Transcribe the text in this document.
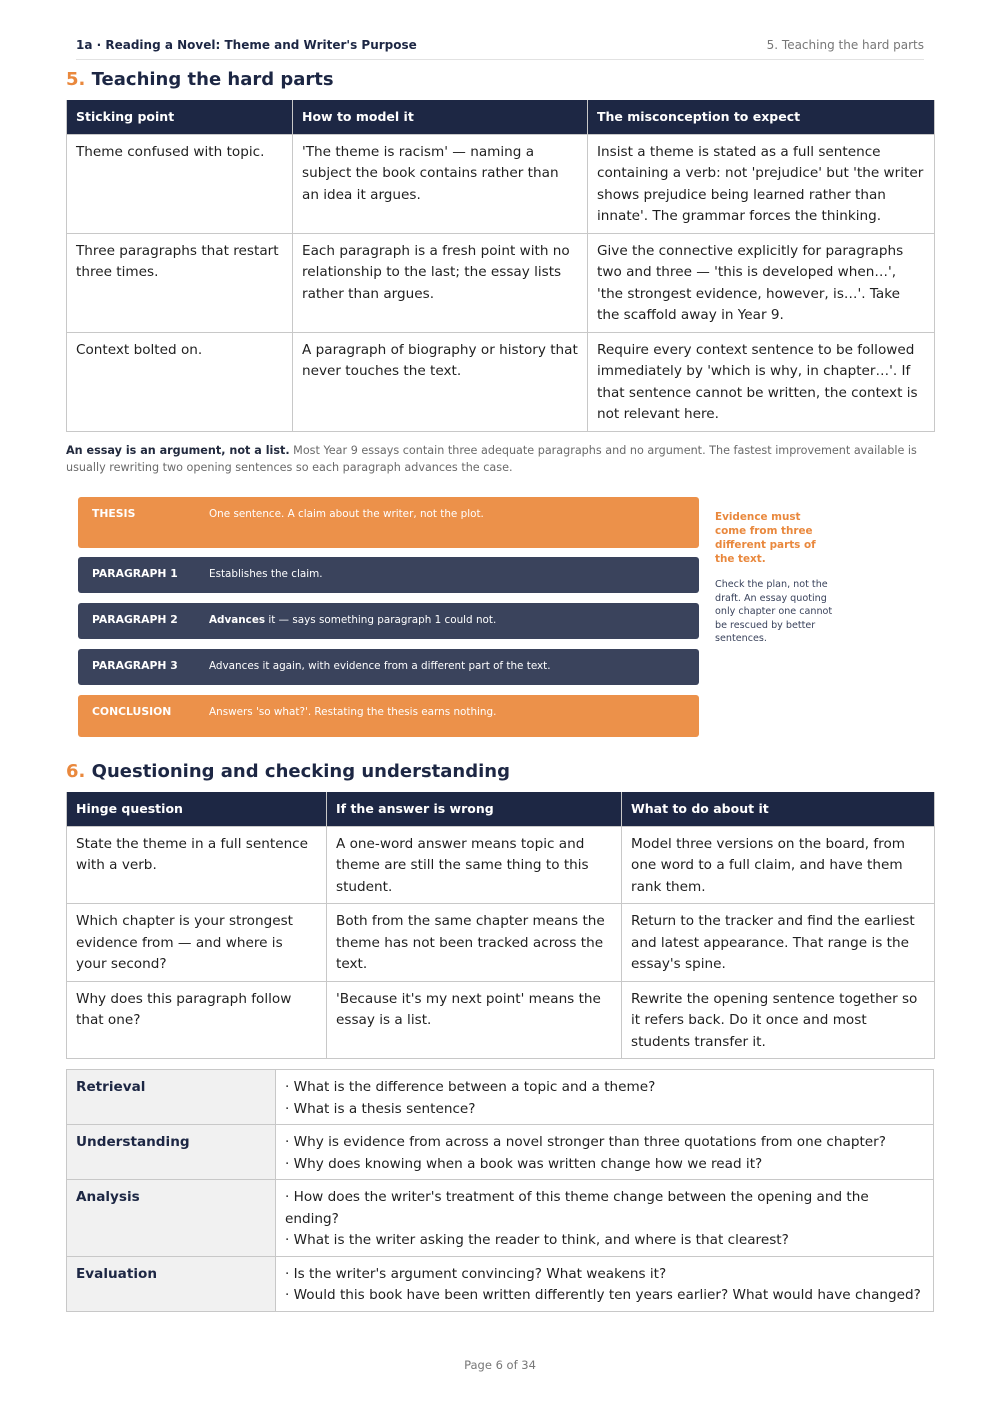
1a · Reading a Novel: Theme and Writer's Purpose	5. Teaching the hard parts
5. Teaching the hard parts
Sticking point	How to model it	The misconception to expect
Theme confused with topic.	'The theme is racism' — naming a subject the book contains rather than an idea it argues.	Insist a theme is stated as a full sentence containing a verb: not 'prejudice' but 'the writer shows prejudice being learned rather than innate'. The grammar forces the thinking.
Three paragraphs that restart three times.	Each paragraph is a fresh point with no relationship to the last; the essay lists rather than argues.	Give the connective explicitly for paragraphs two and three — 'this is developed when…', 'the strongest evidence, however, is…'. Take the scaffold away in Year 9.
Context bolted on.	A paragraph of biography or history that never touches the text.	Require every context sentence to be followed immediately by 'which is why, in chapter…'. If that sentence cannot be written, the context is not relevant here.

An essay is an argument, not a list. Most Year 9 essays contain three adequate paragraphs and no argument. The fastest improvement available is usually rewriting two opening sentences so each paragraph advances the case.

THESIS	One sentence. A claim about the writer, not the plot.
PARAGRAPH 1	Establishes the claim.
PARAGRAPH 2	Advances it — says something paragraph 1 could not.
PARAGRAPH 3	Advances it again, with evidence from a different part of the text.
CONCLUSION	Answers 'so what?'. Restating the thesis earns nothing.
Evidence must come from three different parts of the text.
Check the plan, not the draft. An essay quoting only chapter one cannot be rescued by better sentences.
6. Questioning and checking understanding
Hinge question	If the answer is wrong	What to do about it
State the theme in a full sentence with a verb.	A one-word answer means topic and theme are still the same thing to this student.	Model three versions on the board, from one word to a full claim, and have them rank them.
Which chapter is your strongest evidence from — and where is your second?	Both from the same chapter means the theme has not been tracked across the text.	Return to the tracker and find the earliest and latest appearance. That range is the essay's spine.
Why does this paragraph follow that one?	'Because it's my next point' means the essay is a list.	Rewrite the opening sentence together so it refers back. Do it once and most students transfer it.
Retrieval	· What is the difference between a topic and a theme?
· What is a thesis sentence?

Understanding	· Why is evidence from across a novel stronger than three quotations from one chapter?
· Why does knowing when a book was written change how we read it?

Analysis	· How does the writer's treatment of this theme change between the opening and the ending?
· What is the writer asking the reader to think, and where is that clearest?

Evaluation	· Is the writer's argument convincing? What weakens it?
· Would this book have been written differently ten years earlier? What would have changed?
Page 6 of 34
